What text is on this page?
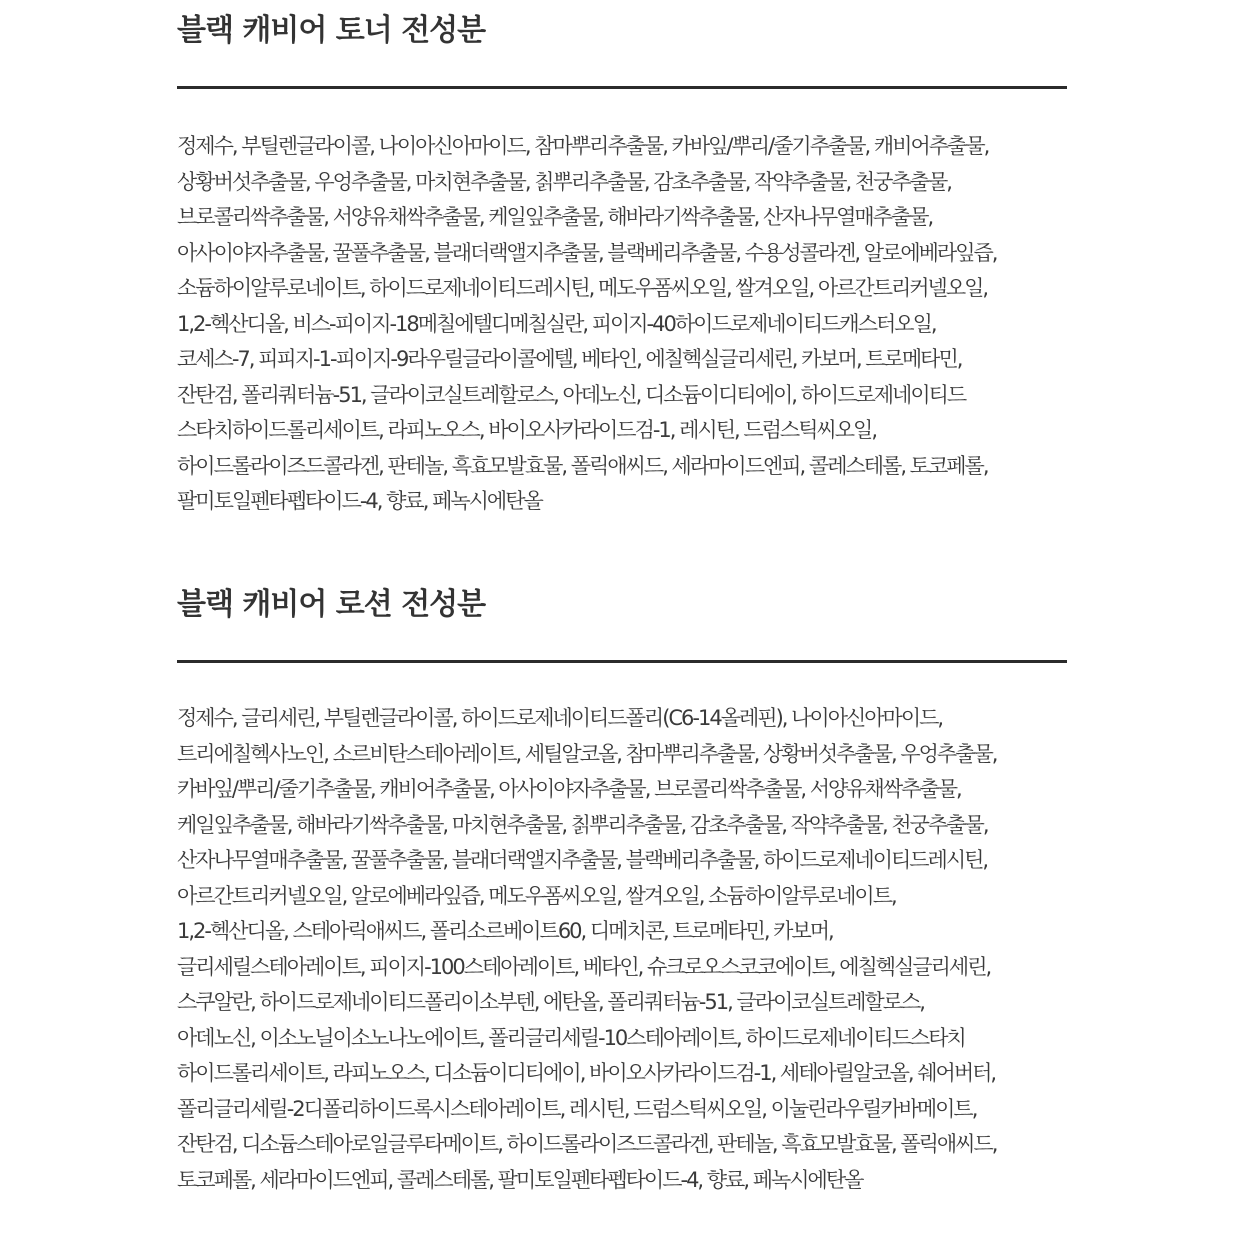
블랙 캐비어 토너 전성분
정제수, 부틸렌글라이콜, 나이아신아마이드, 참마뿌리추출물, 카바잎/뿌리/줄기추출물, 캐비어추출물,
상황버섯추출물, 우엉추출물, 마치현추출물, 칡뿌리추출물, 감초추출물, 작약추출물, 천궁추출물,
브로콜리싹추출물, 서양유채싹추출물, 케일잎추출물, 해바라기싹추출물, 산자나무열매추출물,
아사이야자추출물, 꿀풀추출물, 블래더랙앨지추출물, 블랙베리추출물, 수용성콜라겐, 알로에베라잎즙,
소듐하이알루로네이트, 하이드로제네이티드레시틴, 메도우폼씨오일, 쌀겨오일, 아르간트리커넬오일,
1,2-헥산디올, 비스-피이지-18메칠에텔디메칠실란, 피이지-40하이드로제네이티드캐스터오일,
코세스-7, 피피지-1-피이지-9라우릴글라이콜에텔, 베타인, 에칠헥실글리세린, 카보머, 트로메타민,
잔탄검, 폴리쿼터늄-51, 글라이코실트레할로스, 아데노신, 디소듐이디티에이, 하이드로제네이티드
스타치하이드롤리세이트, 라피노오스, 바이오사카라이드검-1, 레시틴, 드럼스틱씨오일,
하이드롤라이즈드콜라겐, 판테놀, 흑효모발효물, 폴릭애씨드, 세라마이드엔피, 콜레스테롤, 토코페롤,
팔미토일펜타펩타이드-4, 향료, 페녹시에탄올
블랙 캐비어 로션 전성분
정제수, 글리세린, 부틸렌글라이콜, 하이드로제네이티드폴리(C6-14올레핀), 나이아신아마이드,
트리에칠헥사노인, 소르비탄스테아레이트, 세틸알코올, 참마뿌리추출물, 상황버섯추출물, 우엉추출물,
카바잎/뿌리/줄기추출물, 캐비어추출물, 아사이야자추출물, 브로콜리싹추출물, 서양유채싹추출물,
케일잎추출물, 해바라기싹추출물, 마치현추출물, 칡뿌리추출물, 감초추출물, 작약추출물, 천궁추출물,
산자나무열매추출물, 꿀풀추출물, 블래더랙앨지추출물, 블랙베리추출물, 하이드로제네이티드레시틴,
아르간트리커넬오일, 알로에베라잎즙, 메도우폼씨오일, 쌀겨오일, 소듐하이알루로네이트,
1,2-헥산디올, 스테아릭애씨드, 폴리소르베이트60, 디메치콘, 트로메타민, 카보머,
글리세릴스테아레이트, 피이지-100스테아레이트, 베타인, 슈크로오스코코에이트, 에칠헥실글리세린,
스쿠알란, 하이드로제네이티드폴리이소부텐, 에탄올, 폴리쿼터늄-51, 글라이코실트레할로스,
아데노신, 이소노닐이소노나노에이트, 폴리글리세릴-10스테아레이트, 하이드로제네이티드스타치
하이드롤리세이트, 라피노오스, 디소듐이디티에이, 바이오사카라이드검-1, 세테아릴알코올, 쉐어버터,
폴리글리세릴-2디폴리하이드록시스테아레이트, 레시틴, 드럼스틱씨오일, 이눌린라우릴카바메이트,
잔탄검, 디소듐스테아로일글루타메이트, 하이드롤라이즈드콜라겐, 판테놀, 흑효모발효물, 폴릭애씨드,
토코페롤, 세라마이드엔피, 콜레스테롤, 팔미토일펜타펩타이드-4, 향료, 페녹시에탄올
